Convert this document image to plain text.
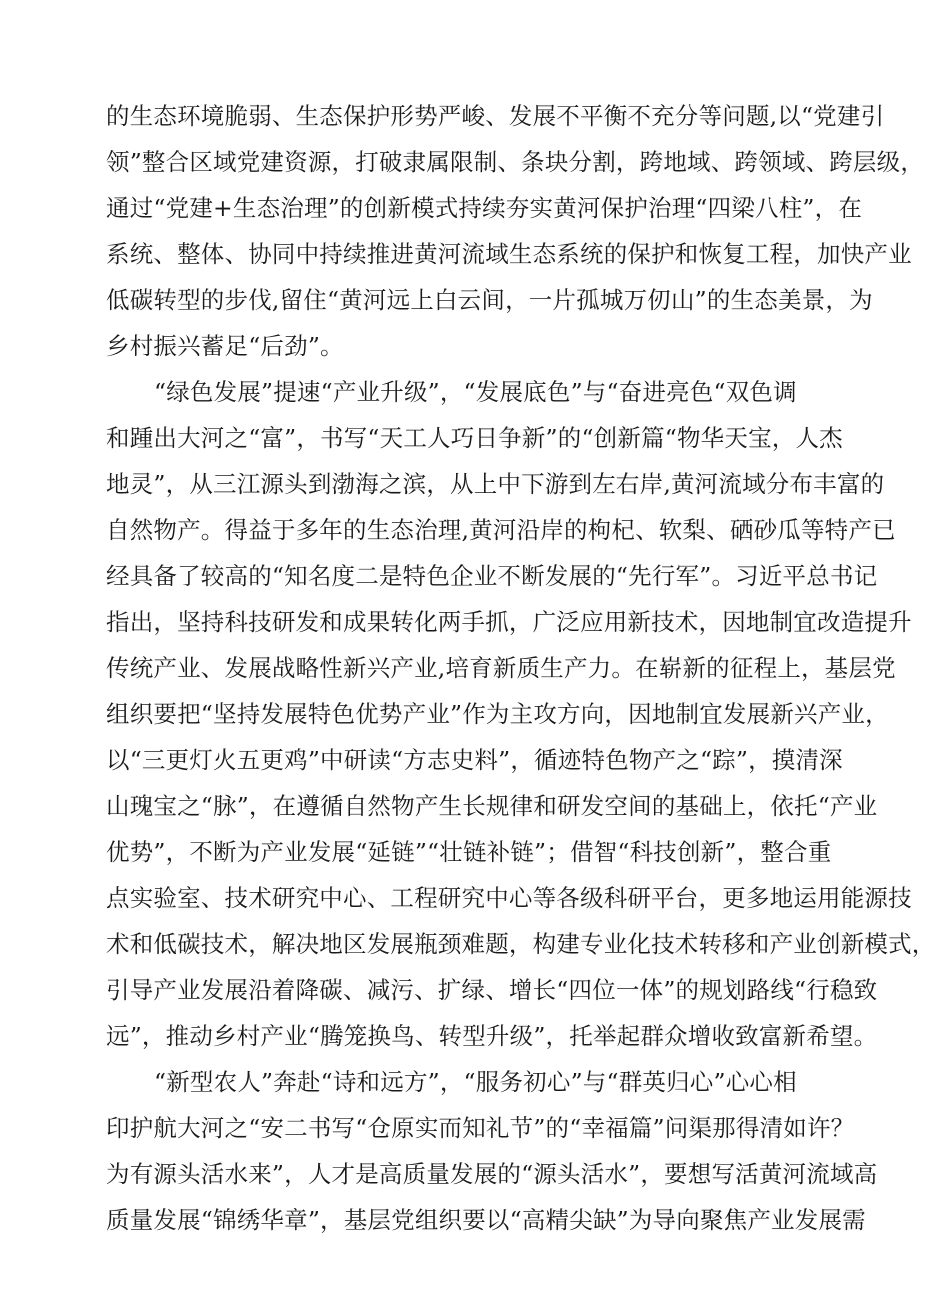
的生态环境脆弱、生态保护形势严峻、发展不平衡不充分等问题,以“党建引
领”整合区域党建资源，打破隶属限制、条块分割，跨地域、跨领域、跨层级，
通过“党建+生态治理”的创新模式持续夯实黄河保护治理“四梁八柱”，在
系统、整体、协同中持续推进黄河流域生态系统的保护和恢复工程，加快产业
低碳转型的步伐,留住“黄河远上白云间，一片孤城万仞山”的生态美景，为
乡村振兴蓄足“后劲”。
“绿色发展”提速“产业升级”，“发展底色”与“奋进亮色“双色调
和踵出大河之“富”，书写“天工人巧日争新”的“创新篇“物华天宝，人杰
地灵”，从三江源头到渤海之滨，从上中下游到左右岸,黄河流域分布丰富的
自然物产。得益于多年的生态治理,黄河沿岸的枸杞、软梨、硒砂瓜等特产已
经具备了较高的“知名度二是特色企业不断发展的“先行军”。习近平总书记
指出，坚持科技研发和成果转化两手抓，广泛应用新技术，因地制宜改造提升
传统产业、发展战略性新兴产业,培育新质生产力。在崭新的征程上，基层党
组织要把“坚持发展特色优势产业”作为主攻方向，因地制宜发展新兴产业，
以“三更灯火五更鸡”中研读“方志史料”，循迹特色物产之“踪”，摸清深
山瑰宝之“脉”，在遵循自然物产生长规律和研发空间的基础上，依托“产业
优势”，不断为产业发展“延链”“壮链补链”；借智“科技创新”，整合重
点实验室、技术研究中心、工程研究中心等各级科研平台，更多地运用能源技
术和低碳技术，解决地区发展瓶颈难题，构建专业化技术转移和产业创新模式，
引导产业发展沿着降碳、减污、扩绿、增长“四位一体”的规划路线“行稳致
远”，推动乡村产业“腾笼换鸟、转型升级”，托举起群众增收致富新希望。
“新型农人”奔赴“诗和远方”，“服务初心”与“群英归心”心心相
印护航大河之“安二书写“仓原实而知礼节”的“幸福篇”问渠那得清如许？
为有源头活水来”，人才是高质量发展的“源头活水”，要想写活黄河流域高
质量发展“锦绣华章”，基层党组织要以“高精尖缺”为导向聚焦产业发展需
